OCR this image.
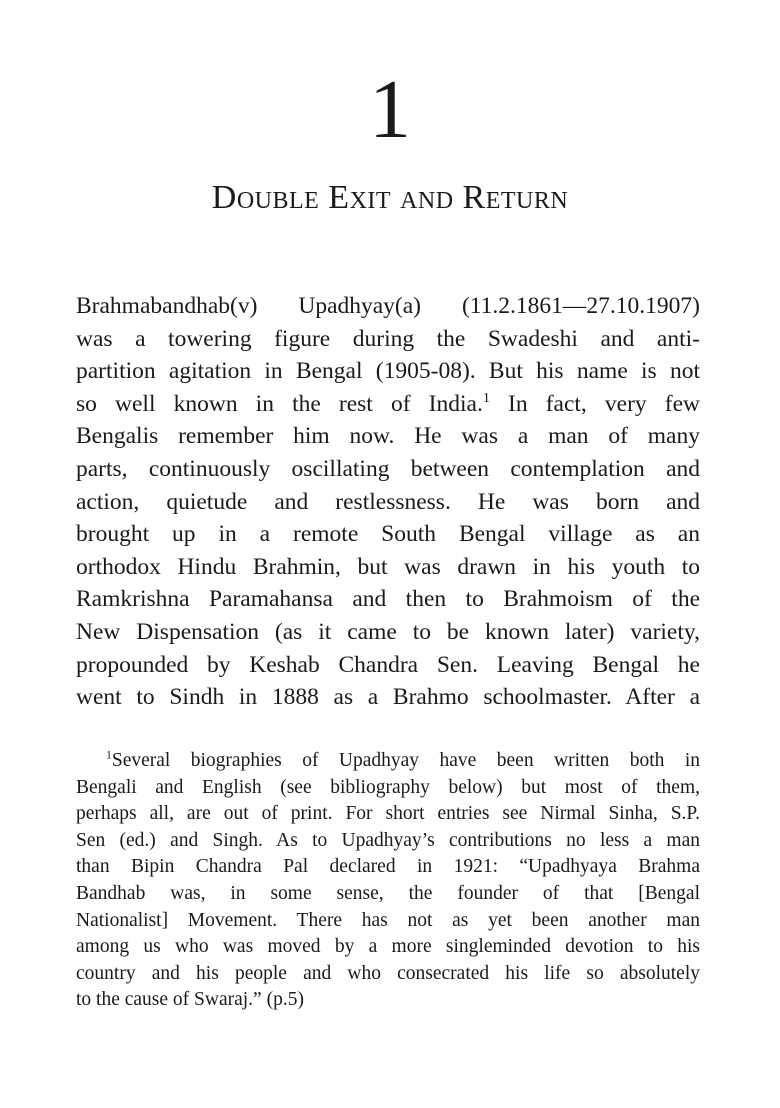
1
Double Exit and Return
Brahmabandhab(v) Upadhyay(a) (11.2.1861—27.10.1907)
was a towering figure during the Swadeshi and anti-
partition agitation in Bengal (1905-08). But his name is not
so well known in the rest of India.$^1$ In fact, very few
Bengalis remember him now. He was a man of many
parts, continuously oscillating between contemplation and
action, quietude and restlessness. He was born and
brought up in a remote South Bengal village as an
orthodox Hindu Brahmin, but was drawn in his youth to
Ramkrishna Paramahansa and then to Brahmoism of the
New Dispensation (as it came to be known later) variety,
propounded by Keshab Chandra Sen. Leaving Bengal he
went to Sindh in 1888 as a Brahmo schoolmaster. After a
$^1$Several biographies of Upadhyay have been written both in
Bengali and English (see bibliography below) but most of them,
perhaps all, are out of print. For short entries see Nirmal Sinha, S.P.
Sen (ed.) and Singh. As to Upadhyay’s contributions no less a man
than Bipin Chandra Pal declared in 1921: “Upadhyaya Brahma
Bandhab was, in some sense, the founder of that [Bengal
Nationalist] Movement. There has not as yet been another man
among us who was moved by a more singleminded devotion to his
country and his people and who consecrated his life so absolutely
to the cause of Swaraj.” (p.5)
